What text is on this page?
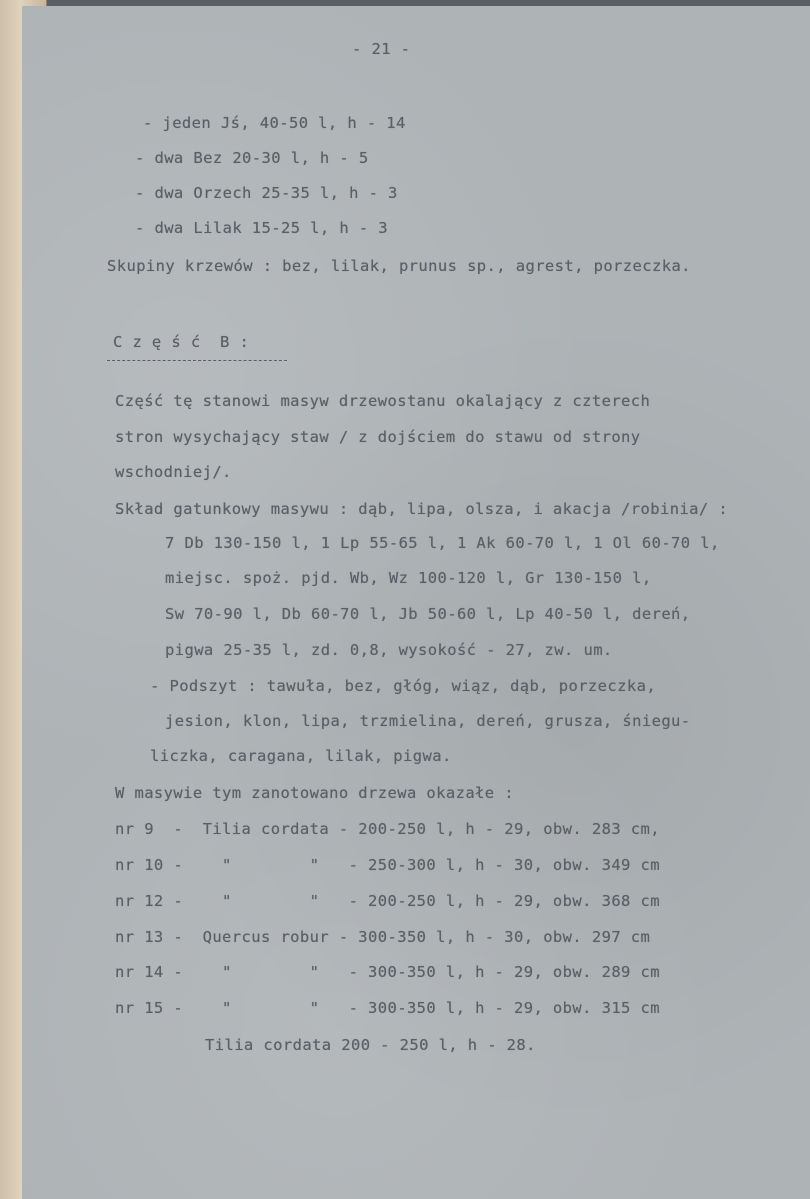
- 21 -
- jeden Jś, 40-50 l, h - 14
- dwa Bez 20-30 l, h - 5
- dwa Orzech 25-35 l, h - 3
- dwa Lilak 15-25 l, h - 3
Skupiny krzewów : bez, lilak, prunus sp., agrest, porzeczka.
C z ę ś ć  B :
Część tę stanowi masyw drzewostanu okalający z czterech
stron wysychający staw / z dojściem do stawu od strony
wschodniej/.
Skład gatunkowy masywu : dąb, lipa, olsza, i akacja /robinia/ :
7 Db 130-150 l, 1 Lp 55-65 l, 1 Ak 60-70 l, 1 Ol 60-70 l,
miejsc. spoż. pjd. Wb, Wz 100-120 l, Gr 130-150 l,
Sw 70-90 l, Db 60-70 l, Jb 50-60 l, Lp 40-50 l, dereń,
pigwa 25-35 l, zd. 0,8, wysokość - 27, zw. um.
- Podszyt : tawuła, bez, głóg, wiąz, dąb, porzeczka,
jesion, klon, lipa, trzmielina, dereń, grusza, śniegu-
liczka, caragana, lilak, pigwa.
W masywie tym zanotowano drzewa okazałe :
nr 9  -  Tilia cordata - 200-250 l, h - 29, obw. 283 cm,
nr 10 -    "        "   - 250-300 l, h - 30, obw. 349 cm
nr 12 -    "        "   - 200-250 l, h - 29, obw. 368 cm
nr 13 -  Quercus robur - 300-350 l, h - 30, obw. 297 cm
nr 14 -    "        "   - 300-350 l, h - 29, obw. 289 cm
nr 15 -    "        "   - 300-350 l, h - 29, obw. 315 cm
Tilia cordata 200 - 250 l, h - 28.
